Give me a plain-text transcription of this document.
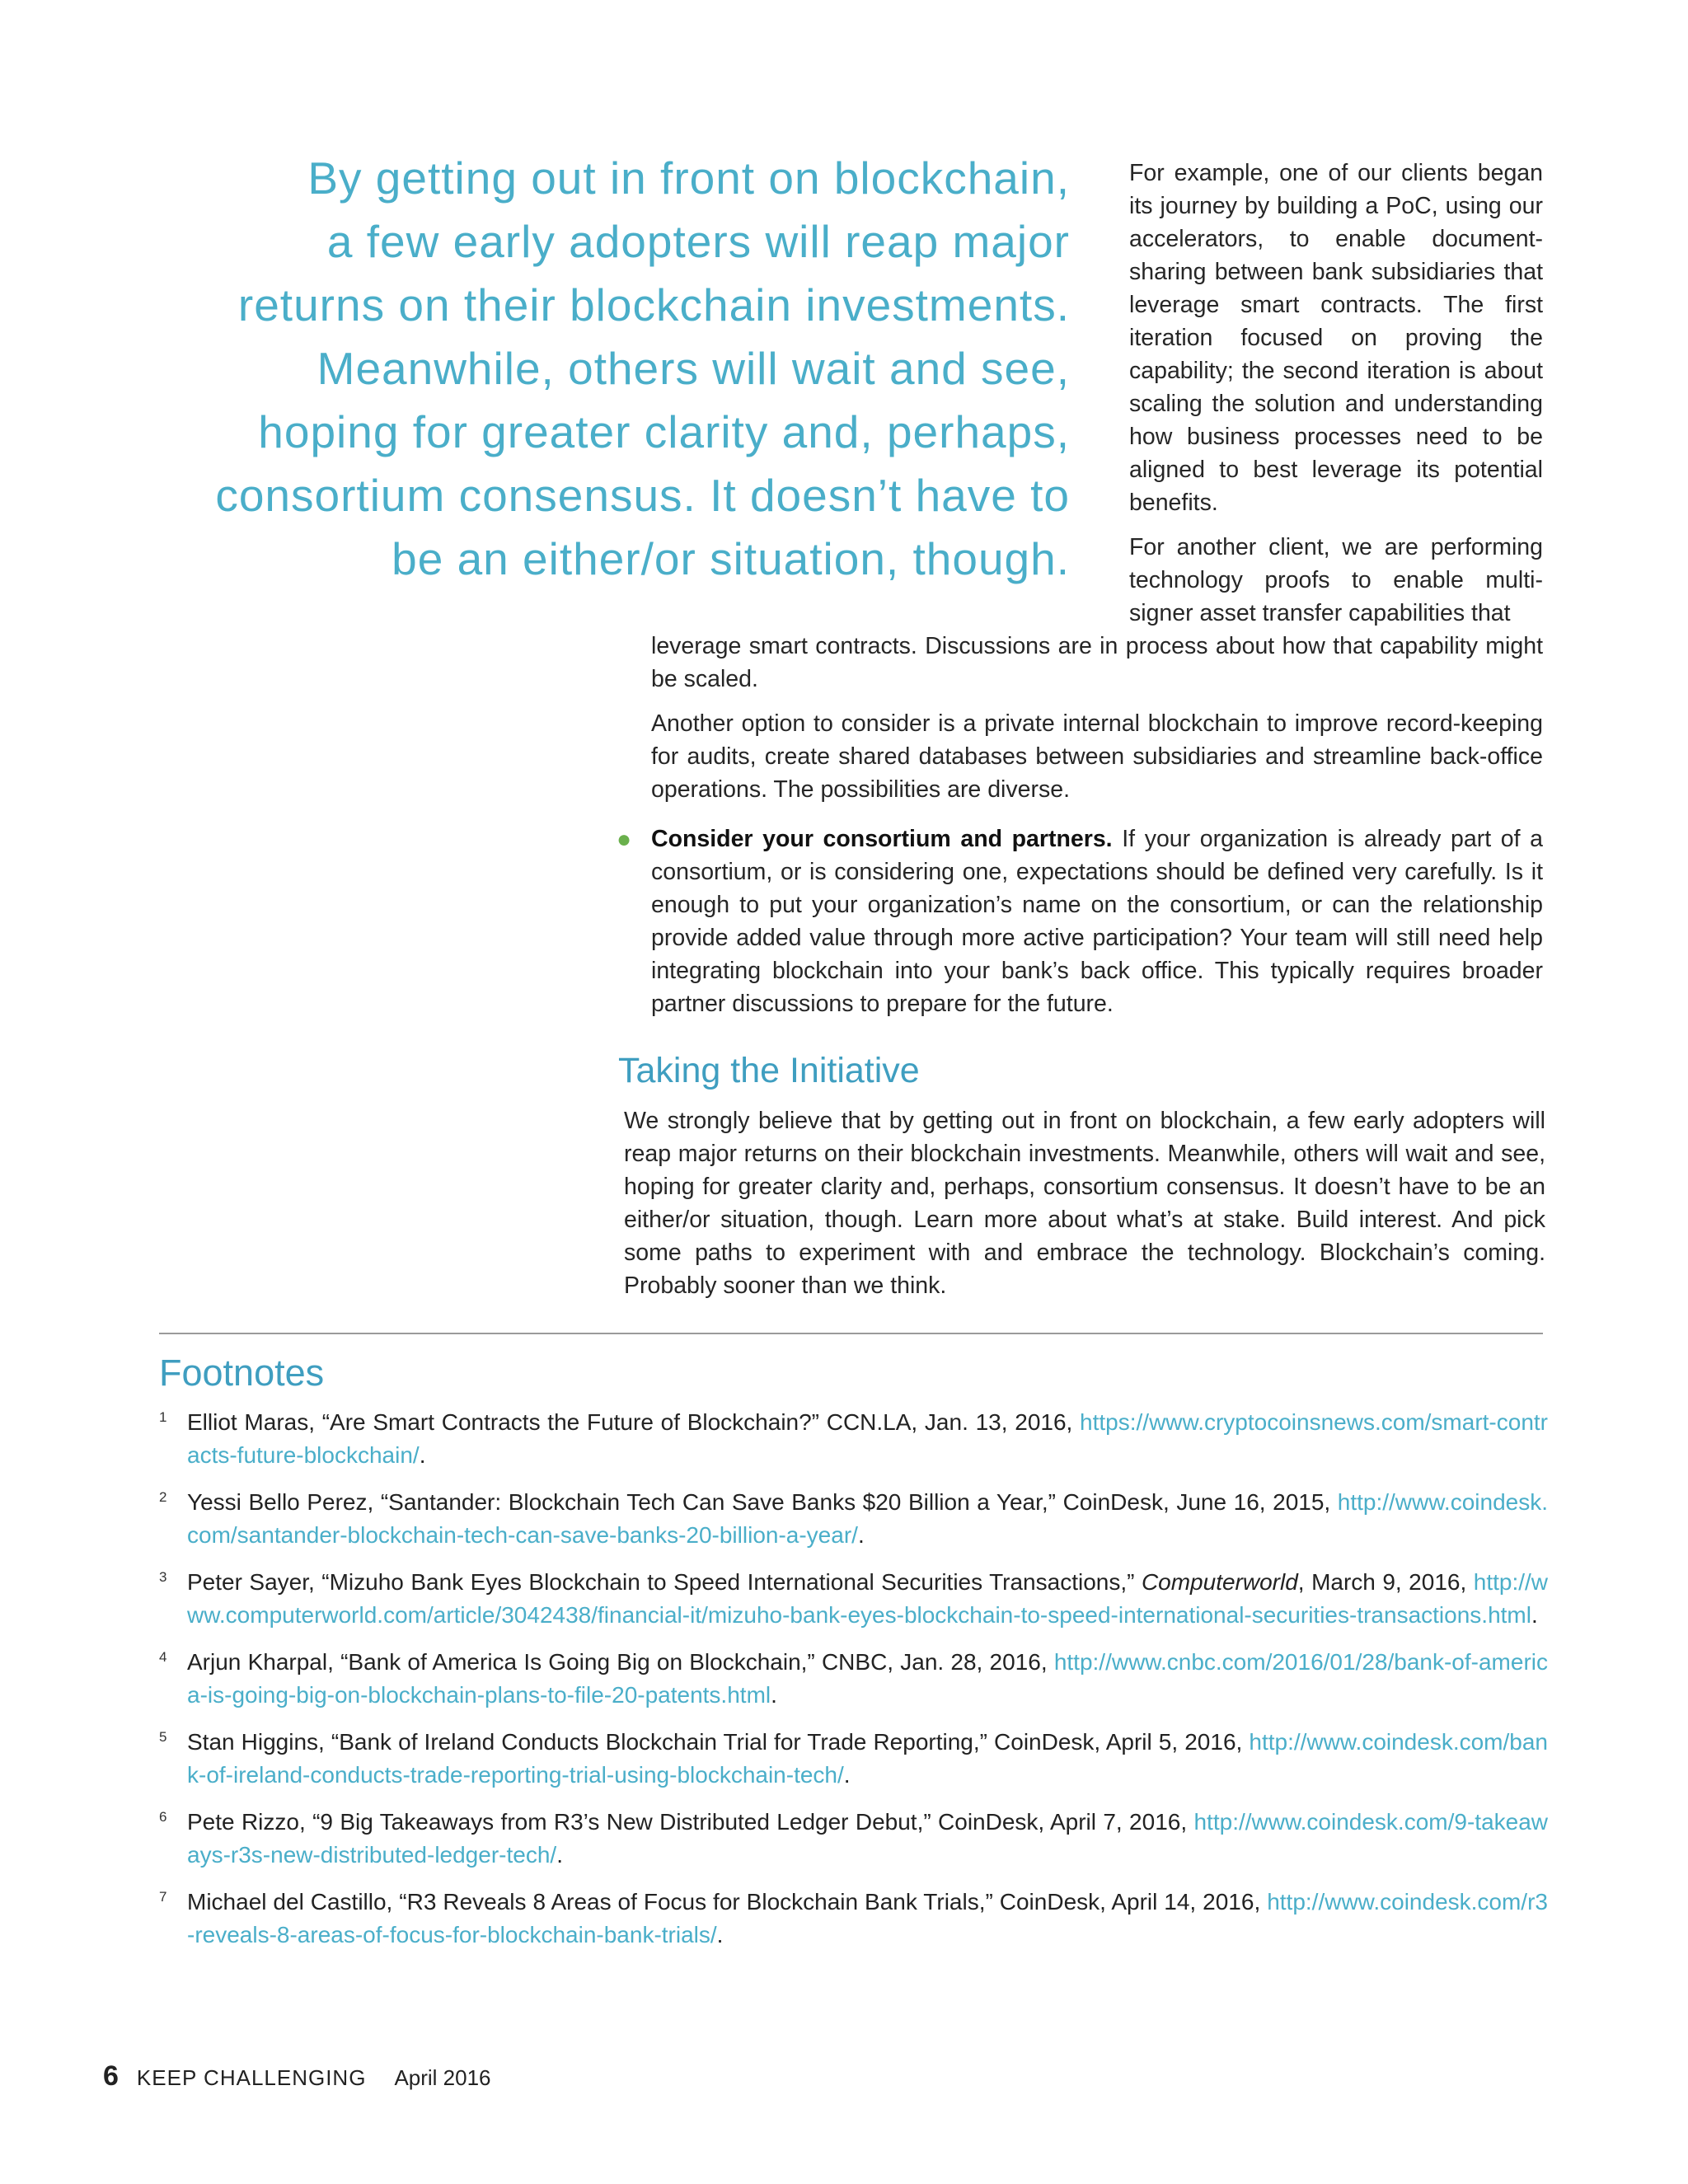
By getting out in front on blockchain,
a few early adopters will reap major
returns on their blockchain investments.
Meanwhile, others will wait and see,
hoping for greater clarity and, perhaps,
consortium consensus. It doesn’t have to
be an either/or situation, though.

For example, one of our clients began its journey by building a PoC, using our accelerators, to enable document-sharing between bank subsidiaries that leverage smart contracts. The first iteration focused on proving the capability; the second iteration is about scaling the solution and understanding how business processes need to be aligned to best leverage its potential benefits.

For another client, we are performing technology proofs to enable multi-signer asset transfer capabilities that

leverage smart contracts. Discussions are in process about how that capability might be scaled.

Another option to consider is a private internal blockchain to improve record-keeping for audits, create shared databases between subsidiaries and streamline back-office operations. The possibilities are diverse.

● Consider your consortium and partners. If your organization is already part of a consortium, or is considering one, expectations should be defined very carefully. Is it enough to put your organization’s name on the consortium, or can the relationship provide added value through more active participation? Your team will still need help integrating blockchain into your bank’s back office. This typically requires broader partner discussions to prepare for the future.
Taking the Initiative

We strongly believe that by getting out in front on blockchain, a few early adopters will reap major returns on their blockchain investments. Meanwhile, others will wait and see, hoping for greater clarity and, perhaps, consortium consensus. It doesn’t have to be an either/or situation, though. Learn more about what’s at stake. Build interest. And pick some paths to experiment with and embrace the technology. Blockchain’s coming. Probably sooner than we think.

Footnotes
1 Elliot Maras, “Are Smart Contracts the Future of Blockchain?” CCN.LA, Jan. 13, 2016, https://www.cryptocoinsnews.com/smart-contracts-future-blockchain/.
2 Yessi Bello Perez, “Santander: Blockchain Tech Can Save Banks $20 Billion a Year,” CoinDesk, June 16, 2015, http://www.coindesk.com/santander-blockchain-tech-can-save-banks-20-billion-a-year/.
3 Peter Sayer, “Mizuho Bank Eyes Blockchain to Speed International Securities Transactions,” Computerworld, March 9, 2016, http://www.computerworld.com/article/3042438/financial-it/mizuho-bank-eyes-blockchain-to-speed-international-securities-transactions.html.
4 Arjun Kharpal, “Bank of America Is Going Big on Blockchain,” CNBC, Jan. 28, 2016, http://www.cnbc.com/2016/01/28/bank-of-america-is-going-big-on-blockchain-plans-to-file-20-patents.html.
5 Stan Higgins, “Bank of Ireland Conducts Blockchain Trial for Trade Reporting,” CoinDesk, April 5, 2016, http://www.coindesk.com/bank-of-ireland-conducts-trade-reporting-trial-using-blockchain-tech/.
6 Pete Rizzo, “9 Big Takeaways from R3’s New Distributed Ledger Debut,” CoinDesk, April 7, 2016, http://www.coindesk.com/9-takeaways-r3s-new-distributed-ledger-tech/.
7 Michael del Castillo, “R3 Reveals 8 Areas of Focus for Blockchain Bank Trials,” CoinDesk, April 14, 2016, http://www.coindesk.com/r3-reveals-8-areas-of-focus-for-blockchain-bank-trials/.
6 KEEP CHALLENGING April 2016
